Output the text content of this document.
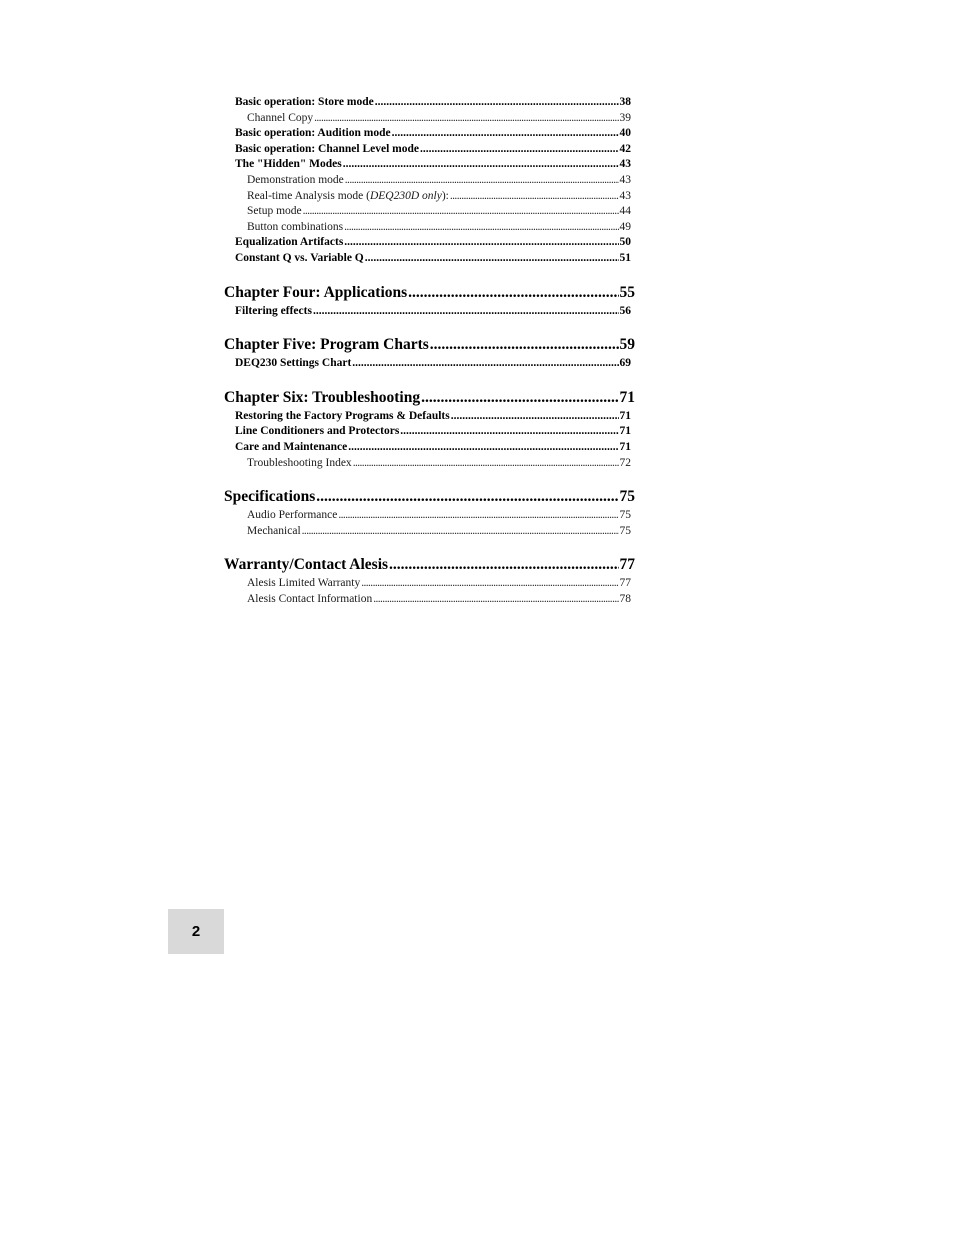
Basic operation: Store mode .....	38
Channel Copy .....	39
Basic operation: Audition mode .....	40
Basic operation: Channel Level mode .....	42
The "Hidden" Modes .....	43
Demonstration mode .....	43
Real-time Analysis mode (DEQ230D only): .....	43
Setup mode .....	44
Button combinations .....	49
Equalization Artifacts .....	50
Constant Q vs. Variable Q .....	51
Chapter Four: Applications .....	55
Filtering effects .....	56
Chapter Five: Program Charts .....	59
DEQ230 Settings Chart .....	69
Chapter Six: Troubleshooting .....	71
Restoring the Factory Programs & Defaults .....	71
Line Conditioners and Protectors .....	71
Care and Maintenance .....	71
Troubleshooting Index .....	72
Specifications .....	75
Audio Performance .....	75
Mechanical .....	75
Warranty/Contact Alesis .....	77
Alesis Limited Warranty .....	77
Alesis Contact Information .....	78
2
